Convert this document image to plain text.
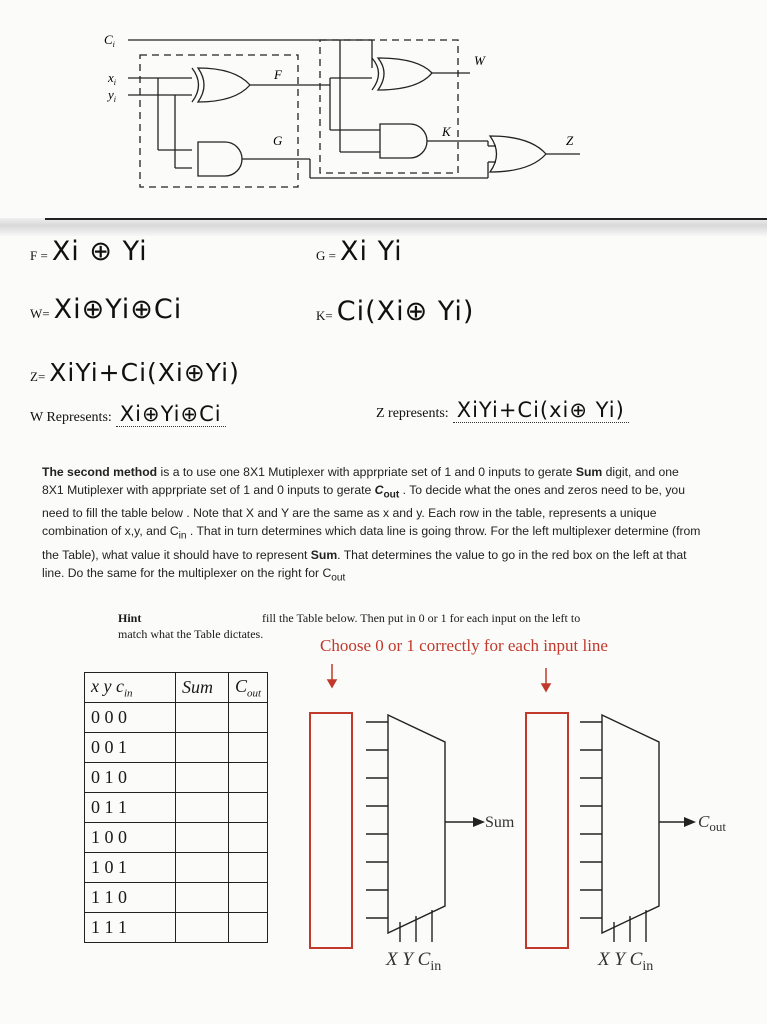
$C_i$
$x_i$
$y_i$
F
G
W
K
Z
F = Xi ⊕ Yi	G = Xi Yi
W= Xi⊕Yi⊕Ci	K= Ci(Xi⊕ Yi)
Z= XiYi+Ci(Xi⊕Yi)
W Represents: Xi⊕Yi⊕Ci	Z represents: XiYi+Ci(xi⊕ Yi)
The second method is a to use one 8X1 Mutiplexer with apprpriate set of 1 and 0 inputs to gerate Sum digit, and one 8X1 Mutiplexer with apprpriate set of 1 and 0 inputs to gerate $C_{out}$ . To decide what the ones and zeros need to be, you need to fill the table below . Note that X and Y are the same as x and y. Each row in the table, represents a unique combination of x,y, and $C_{in}$ . That in turn determines which data line is going throw. For the left multiplexer determine (from the Table), what value it should have to represent Sum. That determines the value to go in the red box on the left at that line. Do the same for the multiplexer on the right for $C_{out}$
Hint	fill the Table below. Then put in 0 or 1 for each input on the left to
match what the Table dictates.
Choose 0 or 1 correctly for each input line
x y $c_{in}$	Sum	$C_{out}$
0 0 0		
0 0 1		
0 1 0		
0 1 1		
1 0 0		
1 0 1		
1 1 0		
1 1 1		
Sum	$C_{out}$
X Y $C_{in}$	X Y $C_{in}$
